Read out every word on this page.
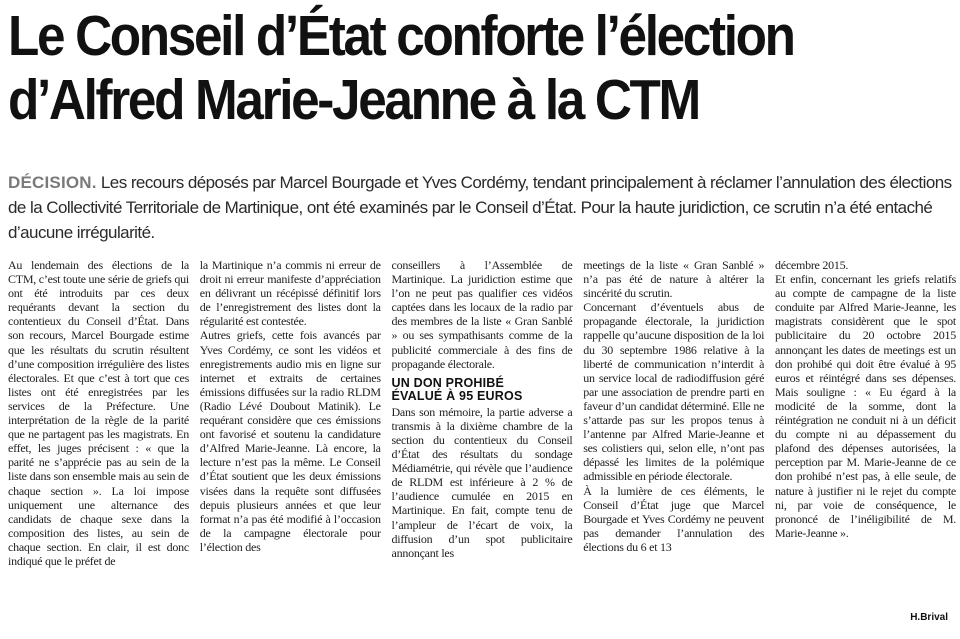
Le Conseil d’État conforte l’élection
d’Alfred Marie-Jeanne à la CTM

DÉCISION. Les recours déposés par Marcel Bourgade et Yves Cordémy, tendant principalement à réclamer l’annulation des élections de la Collectivité Territoriale de Martinique, ont été examinés par le Conseil d’État. Pour la haute juridiction, ce scrutin n’a été entaché d’aucune irrégularité.

Au lendemain des élections de la CTM, c’est toute une série de griefs qui ont été introduits par ces deux requérants devant la section du contentieux du Conseil d’État. Dans son recours, Marcel Bourgade estime que les résultats du scrutin résultent d’une composition irrégulière des listes électorales. Et que c’est à tort que ces listes ont été enregistrées par les services de la Préfecture. Une interprétation de la règle de la parité que ne partagent pas les magistrats. En effet, les juges précisent : « que la parité ne s’apprécie pas au sein de la liste dans son ensemble mais au sein de chaque section ». La loi impose uniquement une alternance des candidats de chaque sexe dans la composition des listes, au sein de chaque section. En clair, il est donc indiqué que le préfet de

la Martinique n’a commis ni erreur de droit ni erreur manifeste d’appréciation en délivrant un récépissé définitif lors de l’enregistrement des listes dont la régularité est contestée.

Autres griefs, cette fois avancés par Yves Cordémy, ce sont les vidéos et enregistrements audio mis en ligne sur internet et extraits de certaines émissions diffusées sur la radio RLDM (Radio Lévé Doubout Matinik). Le requérant considère que ces émissions ont favorisé et soutenu la candidature d’Alfred Marie-Jeanne. Là encore, la lecture n’est pas la même. Le Conseil d’État soutient que les deux émissions visées dans la requête sont diffusées depuis plusieurs années et que leur format n’a pas été modifié à l’occasion de la campagne électorale pour l’élection des

conseillers à l’Assemblée de Martinique. La juridiction estime que l’on ne peut pas qualifier ces vidéos captées dans les locaux de la radio par des membres de la liste « Gran Sanblé » ou ses sympathisants comme de la publicité commerciale à des fins de propagande électorale.

UN DON PROHIBÉ
ÉVALUÉ À 95 EUROS

Dans son mémoire, la partie adverse a transmis à la dixième chambre de la section du contentieux du Conseil d’État des résultats du sondage Médiamétrie, qui révèle que l’audience de RLDM est inférieure à 2 % de l’audience cumulée en 2015 en Martinique. En fait, compte tenu de l’ampleur de l’écart de voix, la diffusion d’un spot publicitaire annonçant les

meetings de la liste « Gran Sanblé » n’a pas été de nature à altérer la sincérité du scrutin.

Concernant d’éventuels abus de propagande électorale, la juridiction rappelle qu’aucune disposition de la loi du 30 septembre 1986 relative à la liberté de communication n’interdit à un service local de radiodiffusion géré par une association de prendre parti en faveur d’un candidat déterminé. Elle ne s’attarde pas sur les propos tenus à l’antenne par Alfred Marie-Jeanne et ses colistiers qui, selon elle, n’ont pas dépassé les limites de la polémique admissible en période électorale.

À la lumière de ces éléments, le Conseil d’État juge que Marcel Bourgade et Yves Cordémy ne peuvent pas demander l’annulation des élections du 6 et 13

décembre 2015.

Et enfin, concernant les griefs relatifs au compte de campagne de la liste conduite par Alfred Marie-Jeanne, les magistrats considèrent que le spot publicitaire du 20 octobre 2015 annonçant les dates de meetings est un don prohibé qui doit être évalué à 95 euros et réintégré dans ses dépenses. Mais souligne : « Eu égard à la modicité de la somme, dont la réintégration ne conduit ni à un déficit du compte ni au dépassement du plafond des dépenses autorisées, la perception par M. Marie-Jeanne de ce don prohibé n’est pas, à elle seule, de nature à justifier ni le rejet du compte ni, par voie de conséquence, le prononcé de l’inéligibilité de M. Marie-Jeanne ».

H.Brival
